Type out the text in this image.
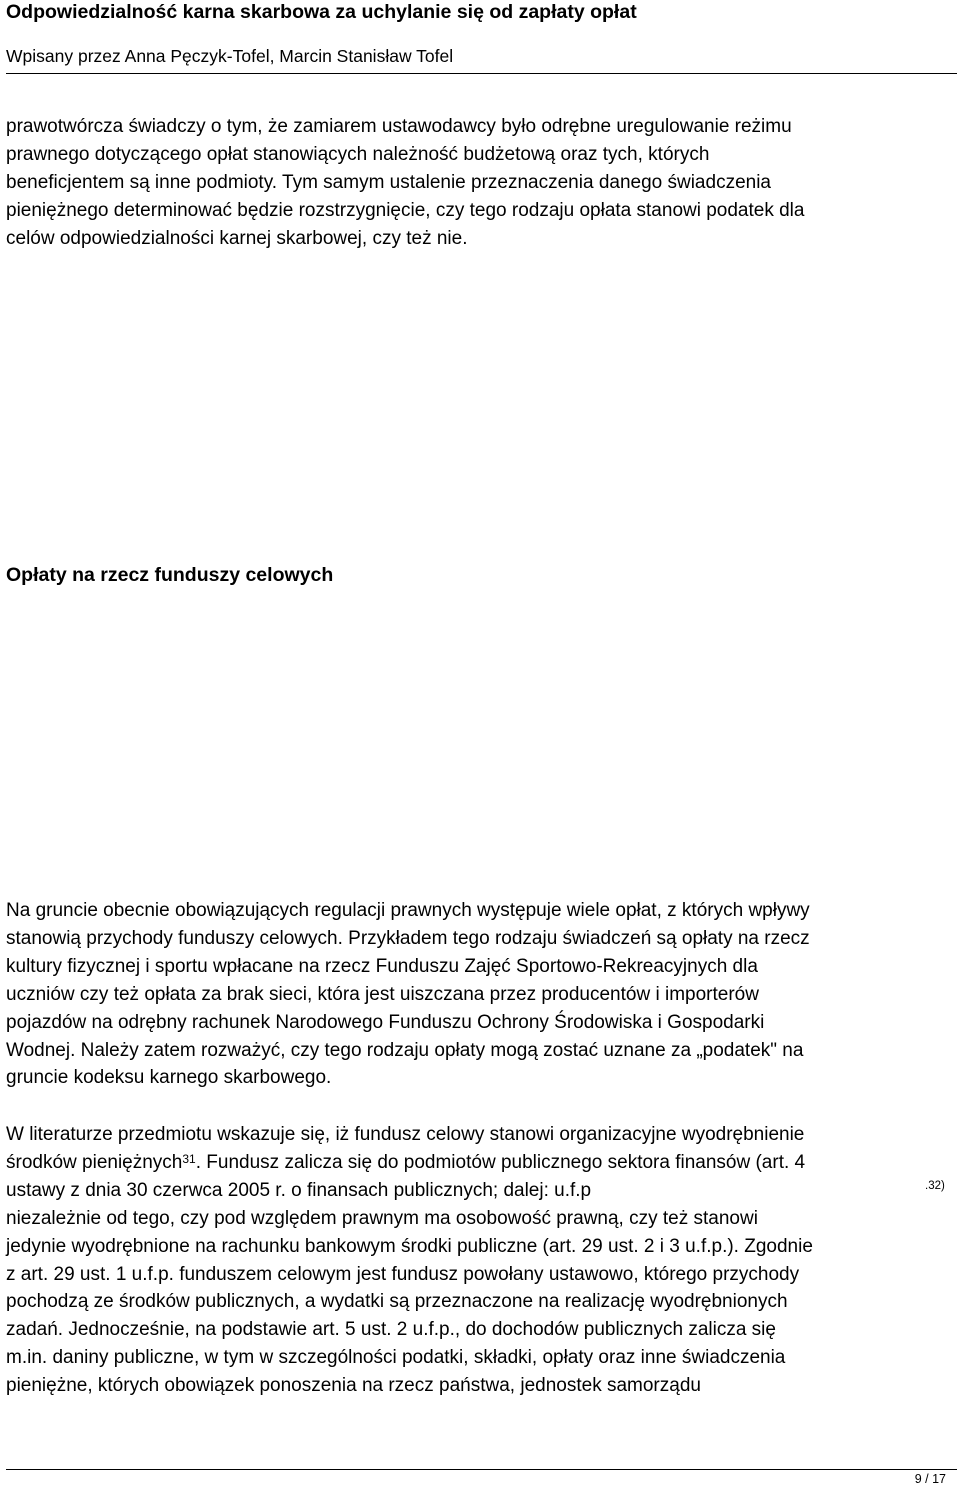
Odpowiedzialność karna skarbowa za uchylanie się od zapłaty opłat
Wpisany przez Anna Pęczyk-Tofel, Marcin Stanisław Tofel
prawotwórcza świadczy o tym, że zamiarem ustawodawcy było odrębne uregulowanie reżimu
prawnego dotyczącego opłat stanowiących należność budżetową oraz tych, których
beneficjentem są inne podmioty. Tym samym ustalenie przeznaczenia danego świadczenia
pieniężnego determinować będzie rozstrzygnięcie, czy tego rodzaju opłata stanowi podatek dla
celów odpowiedzialności karnej skarbowej, czy też nie.
Opłaty na rzecz funduszy celowych
Na gruncie obecnie obowiązujących regulacji prawnych występuje wiele opłat, z których wpływy
stanowią przychody funduszy celowych. Przykładem tego rodzaju świadczeń są opłaty na rzecz
kultury fizycznej i sportu wpłacane na rzecz Funduszu Zajęć Sportowo-Rekreacyjnych dla
uczniów czy też opłata za brak sieci, która jest uiszczana przez producentów i importerów
pojazdów na odrębny rachunek Narodowego Funduszu Ochrony Środowiska i Gospodarki
Wodnej. Należy zatem rozważyć, czy tego rodzaju opłaty mogą zostać uznane za „podatek" na
gruncie kodeksu karnego skarbowego.
W literaturze przedmiotu wskazuje się, iż fundusz celowy stanowi organizacyjne wyodrębnienie
środków pieniężnych$^{31}$. Fundusz zalicza się do podmiotów publicznego sektora finansów (art. 4
ustawy z dnia 30 czerwca 2005 r. o finansach publicznych; dalej: u.f.p
niezależnie od tego, czy pod względem prawnym ma osobowość prawną, czy też stanowi
jedynie wyodrębnione na rachunku bankowym środki publiczne (art. 29 ust. 2 i 3 u.f.p.). Zgodnie
z art. 29 ust. 1 u.f.p. funduszem celowym jest fundusz powołany ustawowo, którego przychody
pochodzą ze środków publicznych, a wydatki są przeznaczone na realizację wyodrębnionych
zadań. Jednocześnie, na podstawie art. 5 ust. 2 u.f.p., do dochodów publicznych zalicza się
m.in. daniny publiczne, w tym w szczególności podatki, składki, opłaty oraz inne świadczenia
pieniężne, których obowiązek ponoszenia na rzecz państwa, jednostek samorządu
.32)
9 / 17
